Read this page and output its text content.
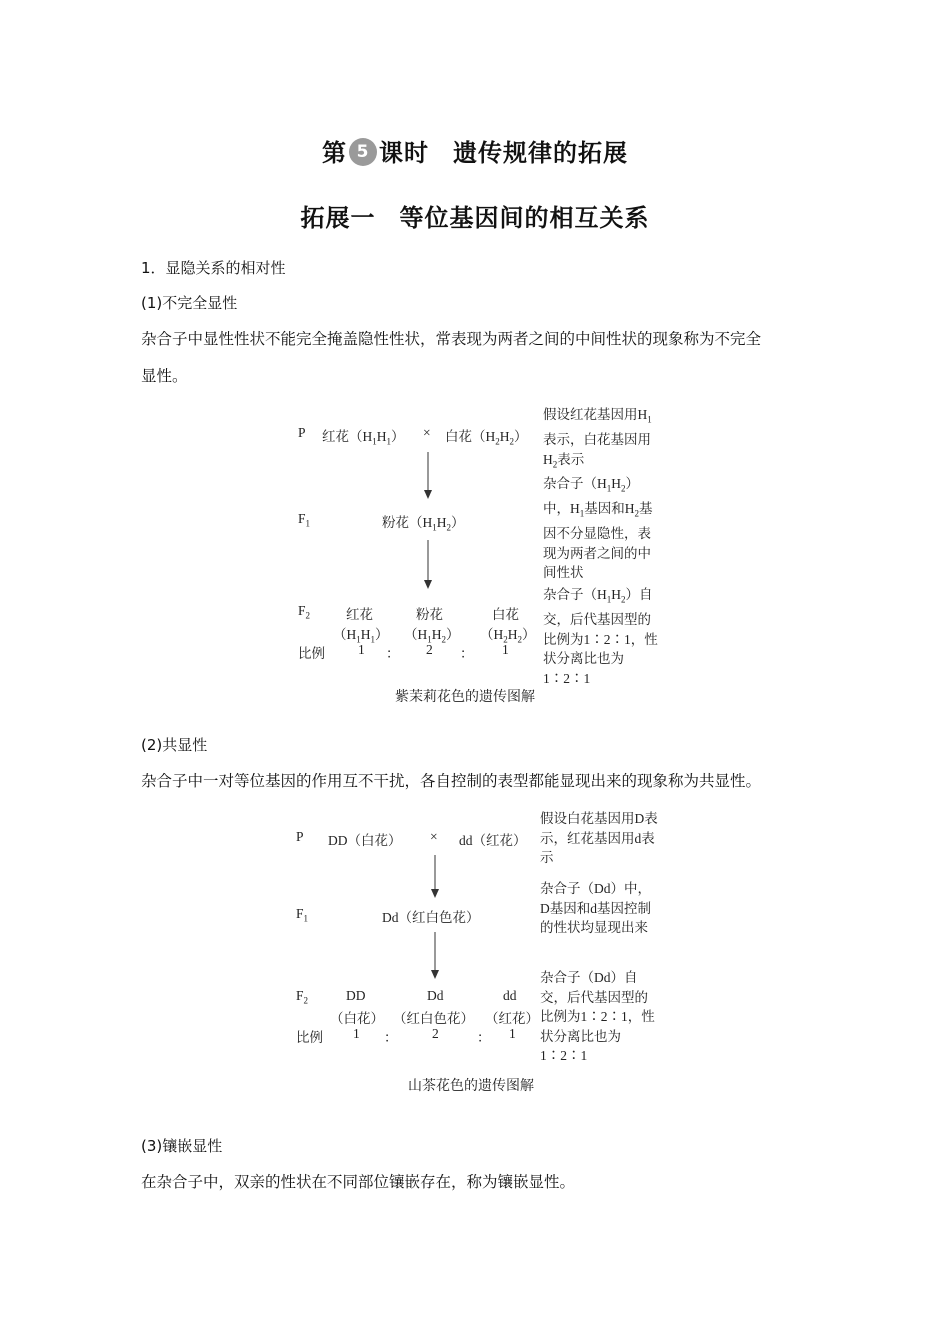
第 5 课时 遗传规律的拓展
拓展一 等位基因间的相互关系
1．显隐关系的相对性
(1)不完全显性
杂合子中显性性状不能完全掩盖隐性性状，常表现为两者之间的中间性状的现象称为不完全
显性。
P 红花$(H_1H_1)$ × 白花$(H_2H_2)$
$F_1$	粉花$(H_1H_2)$
$F_2$	红花	粉花	白花
$(H_1H_1)$ $(H_1H_2)$ $(H_2H_2)$
比例 1 ： 2 ： 1
假设红花基因用$H_1$表示，白花基因用$H_2$表示
杂合子$(H_1H_2)$中，$H_1$基因和$H_2$基因不分显隐性，表现为两者之间的中间性状
杂合子$(H_1H_2)$自交，后代基因型的比例为1∶2∶1，性状分离比也为1∶2∶1
紫茉莉花色的遗传图解
(2)共显性
杂合子中一对等位基因的作用互不干扰，各自控制的表型都能显现出来的现象称为共显性。
P DD（白花） × dd（红花）
$F_1$	Dd（红白色花）
$F_2$	DD	Dd	dd
（白花） （红白色花） （红花）
比例 1 ：	2	： 1
假设白花基因用D表示，红花基因用d表示
杂合子（Dd）中，D基因和d基因控制的性状均显现出来
杂合子（Dd）自交，后代基因型的比例为1∶2∶1，性状分离比也为1∶2∶1
山茶花色的遗传图解
(3)镶嵌显性
在杂合子中，双亲的性状在不同部位镶嵌存在，称为镶嵌显性。
